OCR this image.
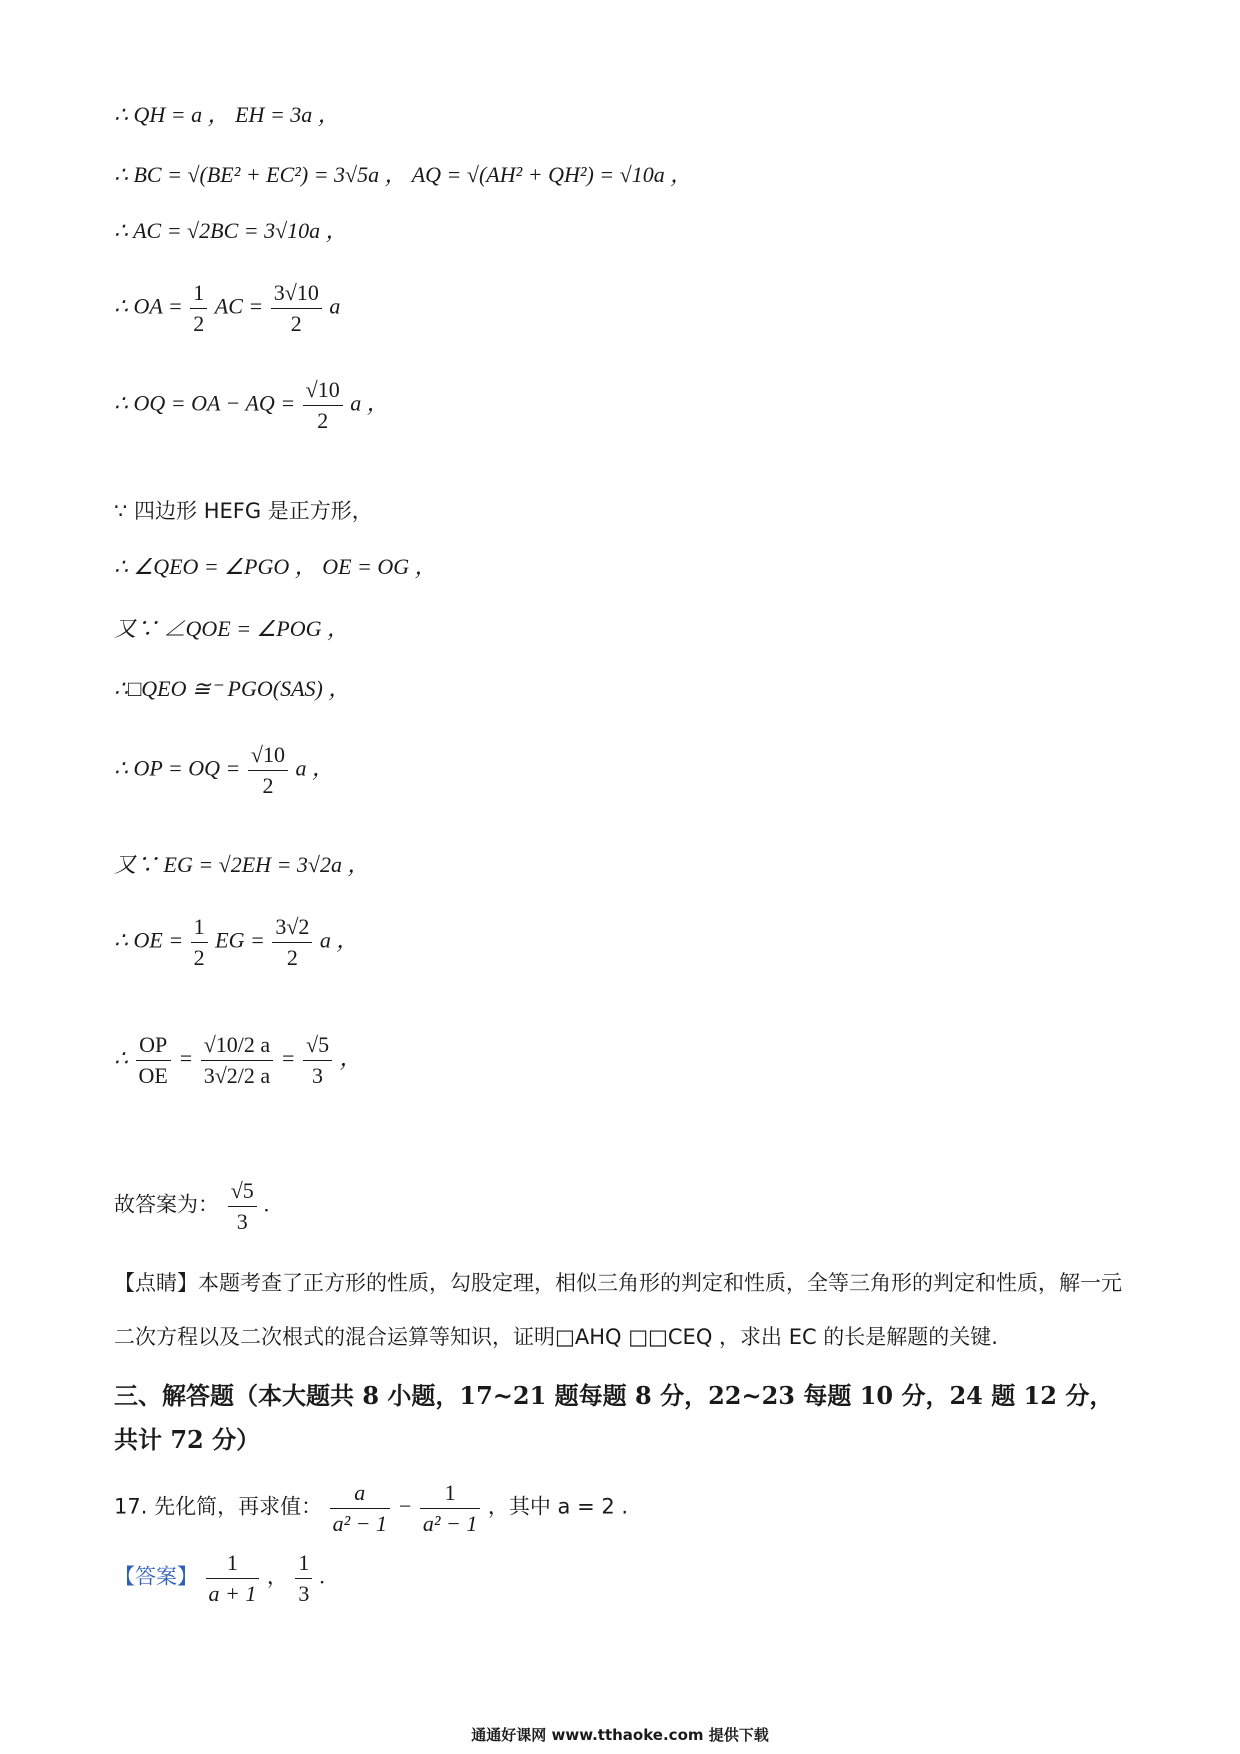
∴ QH = a ， EH = 3a ，
∴ BC = √(BE² + EC²) = 3√5a ， AQ = √(AH² + QH²) = √10a ，
∴ AC = √2BC = 3√10a ，
∴ OA = $\frac{1}{2}$ AC = $\frac{3√10}{2}$ a
∴ OQ = OA − AQ = $\frac{√10}{2}$ a ，
∵ 四边形 HEFG 是正方形，
∴ ∠QEO = ∠PGO ， OE = OG ，
又∵ ∠QOE = ∠POG ，
∴□QEO ≅⁻ PGO(SAS) ，
∴ OP = OQ = $\frac{√10}{2}$ a ，
又∵ EG = √2EH = 3√2a ，
∴ OE = $\frac{1}{2}$ EG = $\frac{3√2}{2}$ a ，
∴ $\frac{OP}{OE} = \frac{√10/2 a}{3√2/2 a} = \frac{√5}{3}$ ，
故答案为： $\frac{√5}{3}$ .
【点睛】本题考查了正方形的性质，勾股定理，相似三角形的判定和性质，全等三角形的判定和性质，解一元二次方程以及二次根式的混合运算等知识，证明□AHQ □□CEQ ，求出 EC 的长是解题的关键.
三、解答题（本大题共 8 小题，17~21 题每题 8 分，22~23 每题 10 分，24 题 12 分，共计 72 分）
17. 先化简，再求值： $\frac{a}{\text{a² − 1}} - \frac{1}{\text{a² − 1}}$ ，其中 a = 2 .
【答案】 $\frac{1}{a + 1}$ ， $\frac{1}{3}$ .
通通好课网 www.tthaoke.com 提供下载
